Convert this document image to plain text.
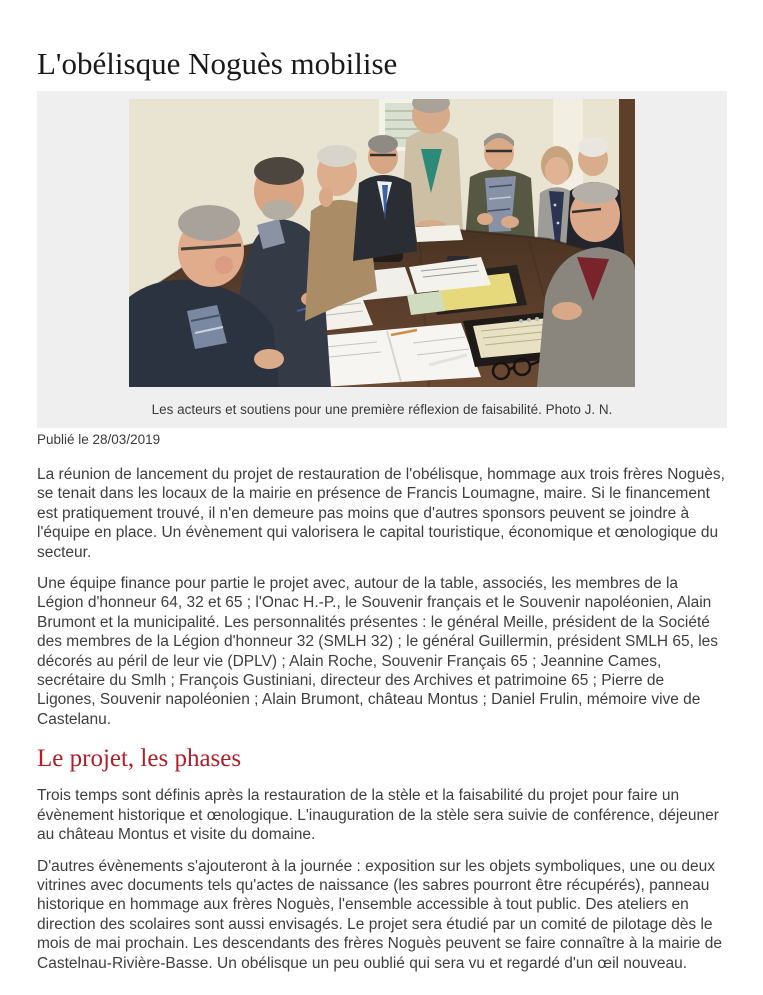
L'obélisque Noguès mobilise
Les acteurs et soutiens pour une première réflexion de faisabilité. Photo J. N.
Publié le 28/03/2019

La réunion de lancement du projet de restauration de l'obélisque, hommage aux trois frères Noguès, se tenait dans les locaux de la mairie en présence de Francis Loumagne, maire. Si le financement est pratiquement trouvé, il n'en demeure pas moins que d'autres sponsors peuvent se joindre à l'équipe en place. Un évènement qui valorisera le capital touristique, économique et œnologique du secteur.

Une équipe finance pour partie le projet avec, autour de la table, associés, les membres de la Légion d'honneur 64, 32 et 65 ; l'Onac H.-P., le Souvenir français et le Souvenir napoléonien, Alain Brumont et la municipalité. Les personnalités présentes : le général Meille, président de la Société des membres de la Légion d'honneur 32 (SMLH 32) ; le général Guillermin, président SMLH 65, les décorés au péril de leur vie (DPLV) ; Alain Roche, Souvenir Français 65 ; Jeannine Cames, secrétaire du Smlh ; François Gustiniani, directeur des Archives et patrimoine 65 ; Pierre de Ligones, Souvenir napoléonien ; Alain Brumont, château Montus ; Daniel Frulin, mémoire vive de Castelanu.

Le projet, les phases

Trois temps sont définis après la restauration de la stèle et la faisabilité du projet pour faire un évènement historique et œnologique. L'inauguration de la stèle sera suivie de conférence, déjeuner au château Montus et visite du domaine.

D'autres évènements s'ajouteront à la journée : exposition sur les objets symboliques, une ou deux vitrines avec documents tels qu'actes de naissance (les sabres pourront être récupérés), panneau historique en hommage aux frères Noguès, l'ensemble accessible à tout public. Des ateliers en direction des scolaires sont aussi envisagés. Le projet sera étudié par un comité de pilotage dès le mois de mai prochain. Les descendants des frères Noguès peuvent se faire connaître à la mairie de Castelnau-Rivière-Basse. Un obélisque un peu oublié qui sera vu et regardé d'un œil nouveau.
